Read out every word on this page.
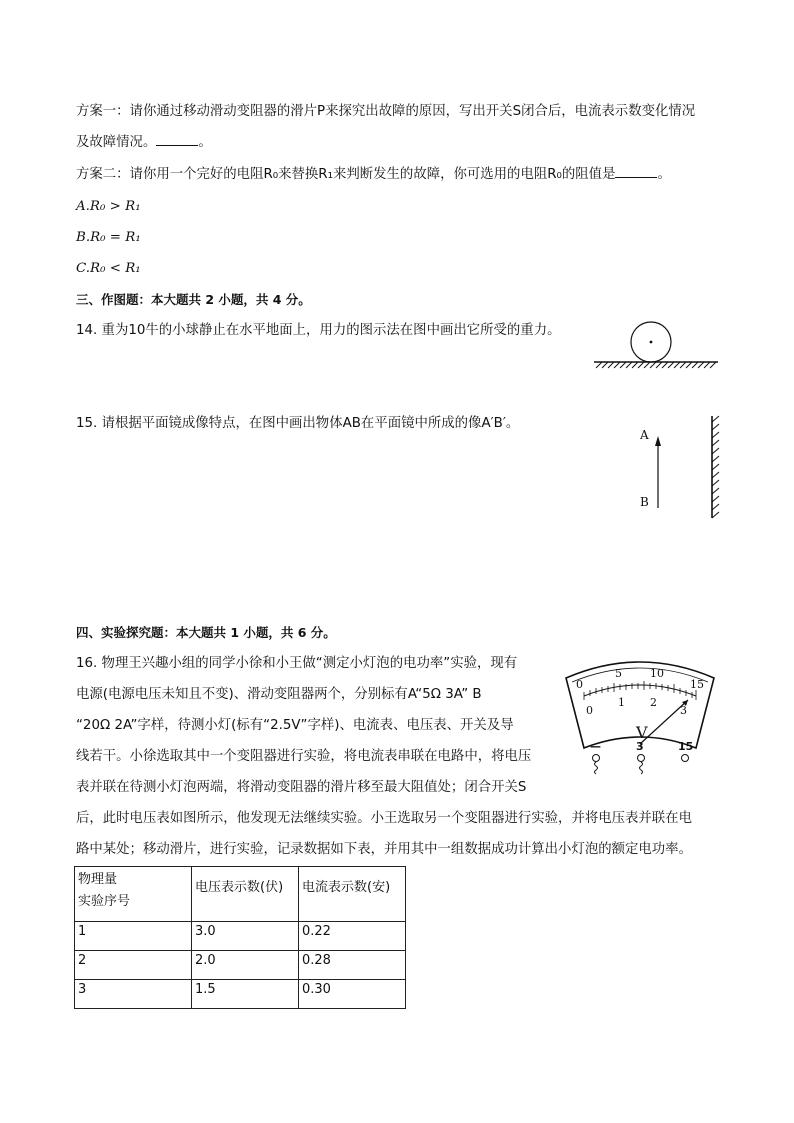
方案一：请你通过移动滑动变阻器的滑片P来探究出故障的原因，写出开关S闭合后，电流表示数变化情况
及故障情况。	。
方案二：请你用一个完好的电阻R₀来替换R₁来判断发生的故障，你可选用的电阻R₀的阻值是	。
A.R₀ > R₁
B.R₀ = R₁
C.R₀ < R₁
三、作图题：本大题共 2 小题，共 4 分。
14. 重为10牛的小球静止在水平地面上，用力的图示法在图中画出它所受的重力。
15. 请根据平面镜成像特点，在图中画出物体AB在平面镜中所成的像A′B′。
A
B
四、实验探究题：本大题共 1 小题，共 6 分。
16. 物理王兴趣小组的同学小徐和小王做“测定小灯泡的电功率”实验，现有
电源(电源电压未知且不变)、滑动变阻器两个，分别标有A“5Ω 3A” B
“20Ω 2A”字样，待测小灯(标有“2.5V”字样)、电流表、电压表、开关及导
线若干。小徐选取其中一个变阻器进行实验，将电流表串联在电路中，将电压
表并联在待测小灯泡两端，将滑动变阻器的滑片移至最大阻值处；闭合开关S
后，此时电压表如图所示，他发现无法继续实验。小王选取另一个变阻器进行实验，并将电压表并联在电
路中某处；移动滑片，进行实验，记录数据如下表，并用其中一组数据成功计算出小灯泡的额定电功率。
0
5	10
15
0
1 2
3
V
—	3	15
物理量
实验序号	电压表示数(伏)	电流表示数(安)
1	3.0	0.22
2	2.0	0.28
3	1.5	0.30
